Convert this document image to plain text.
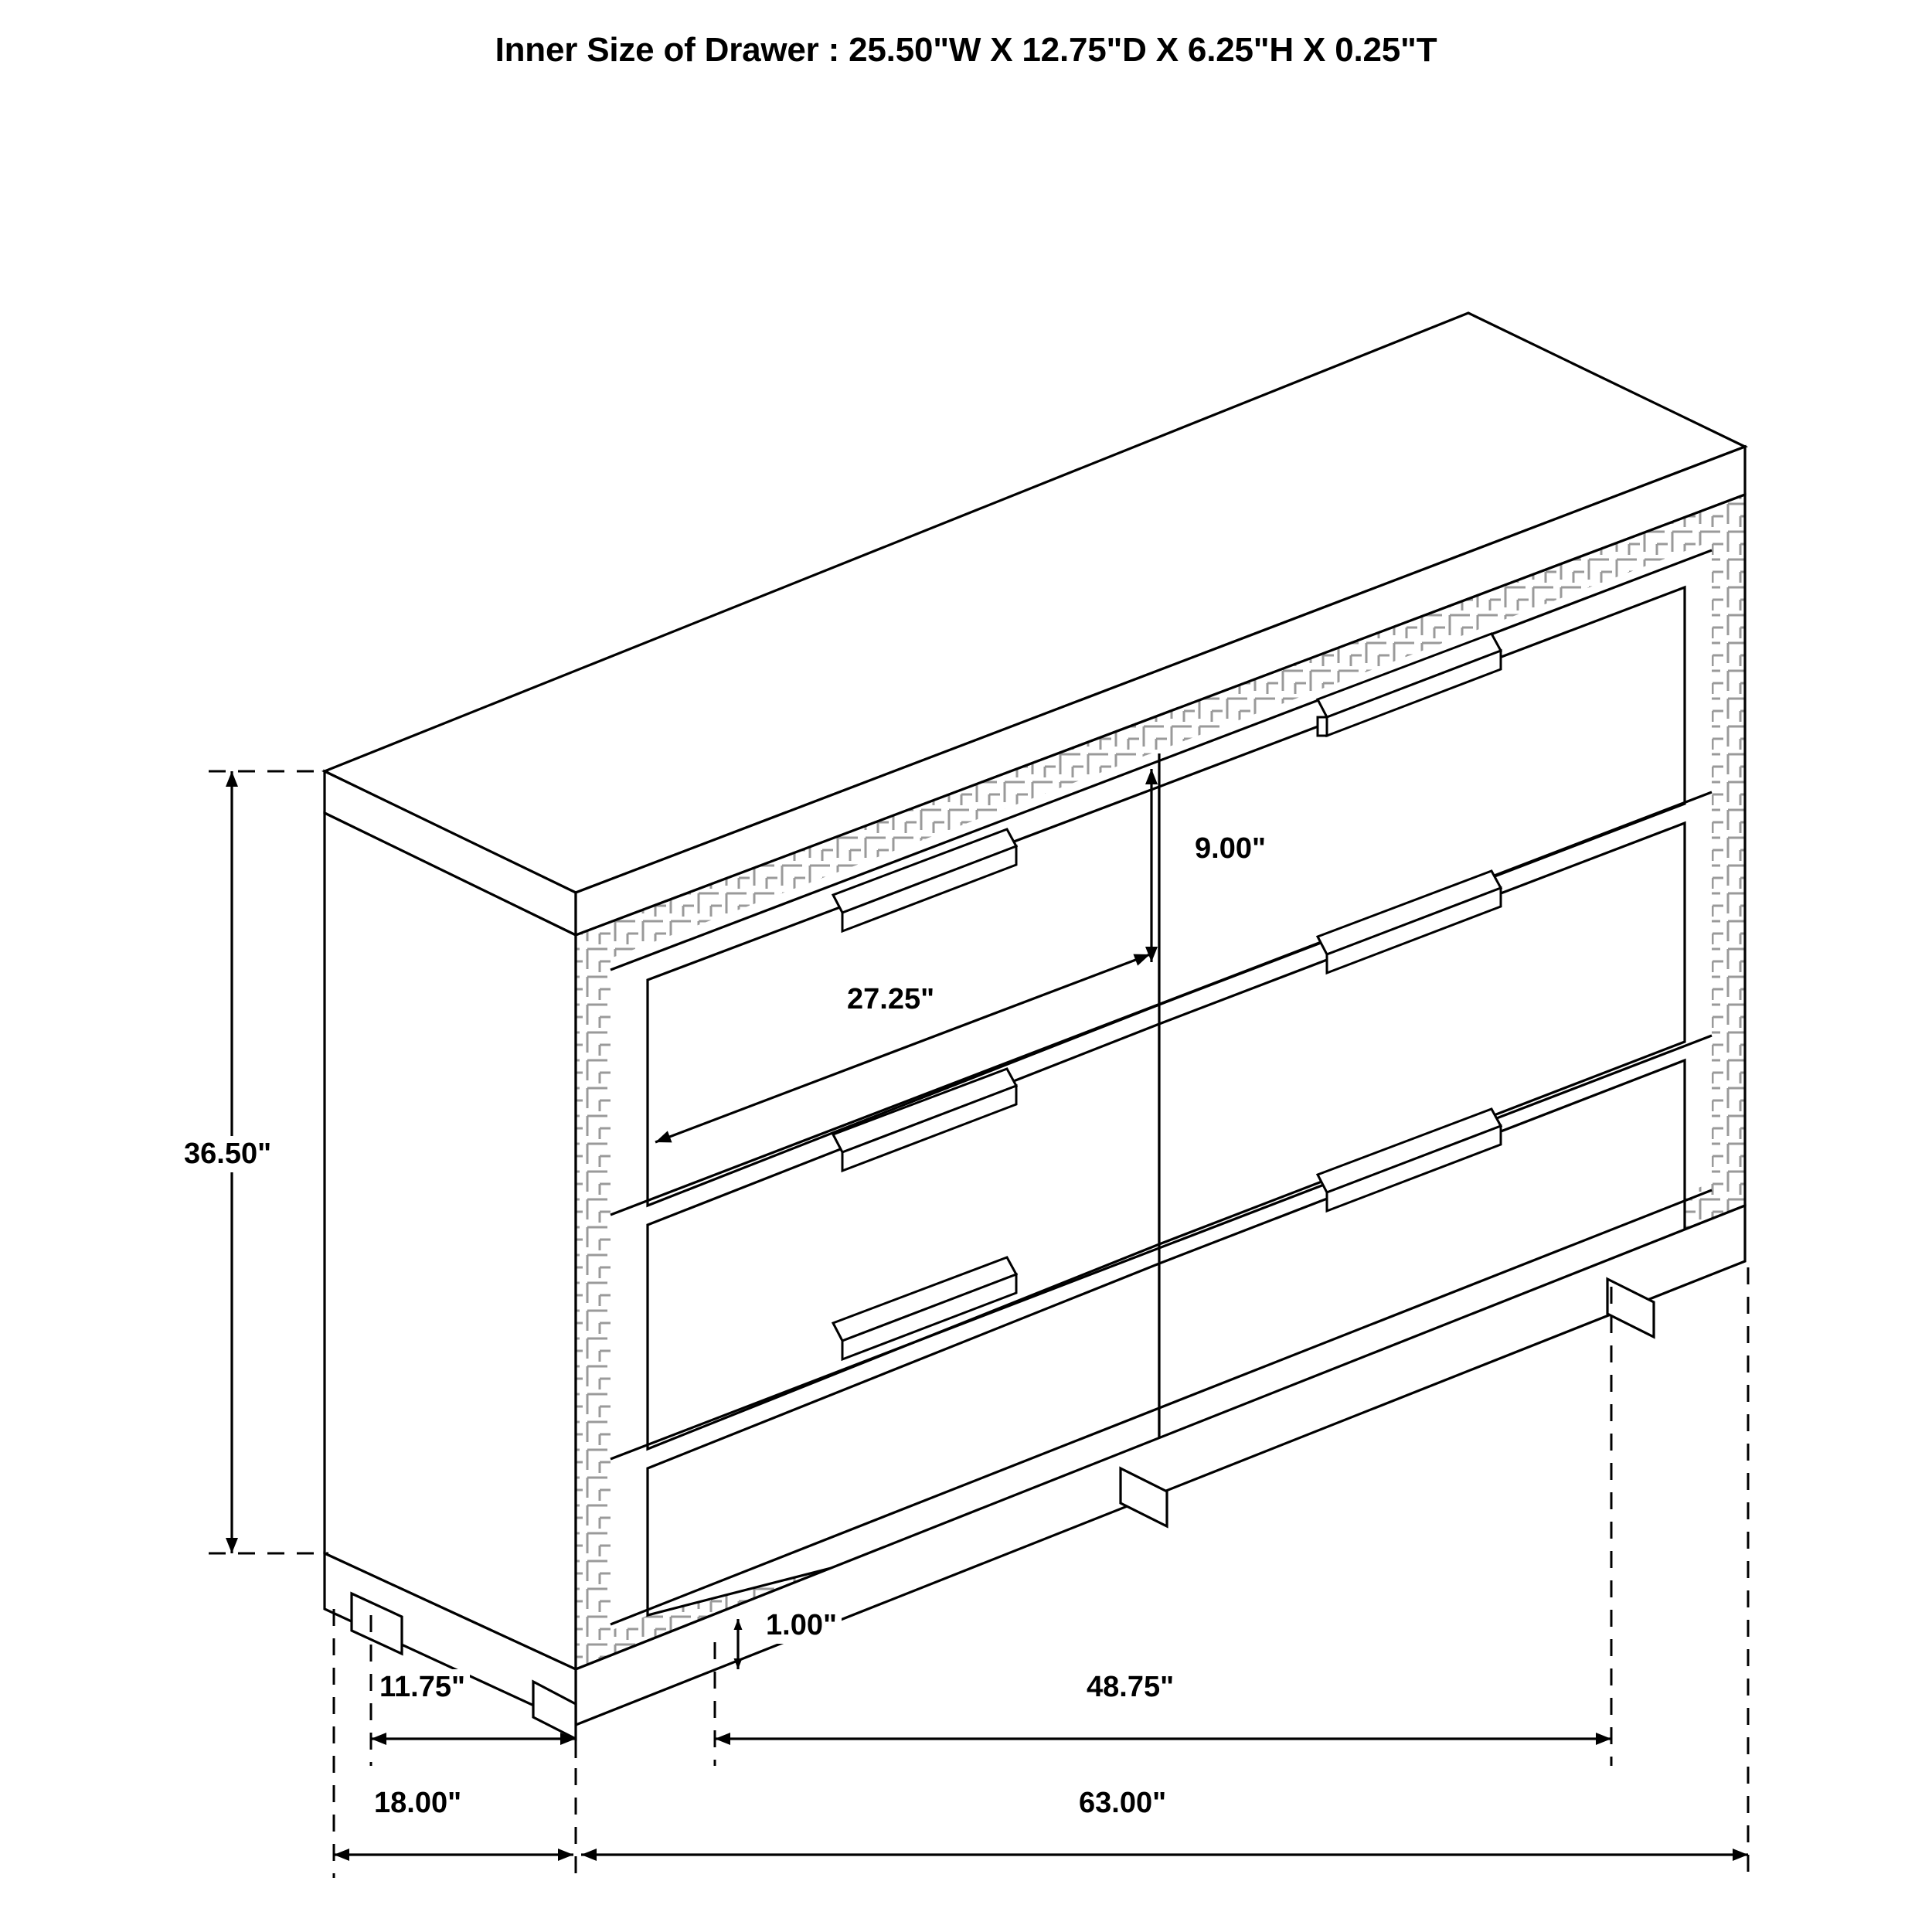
Inner Size of Drawer : 25.50"W X 12.75"D X 6.25"H X 0.25"T
36.50"
9.00"
27.25"
1.00"
11.75"	48.75"
18.00"	63.00"
